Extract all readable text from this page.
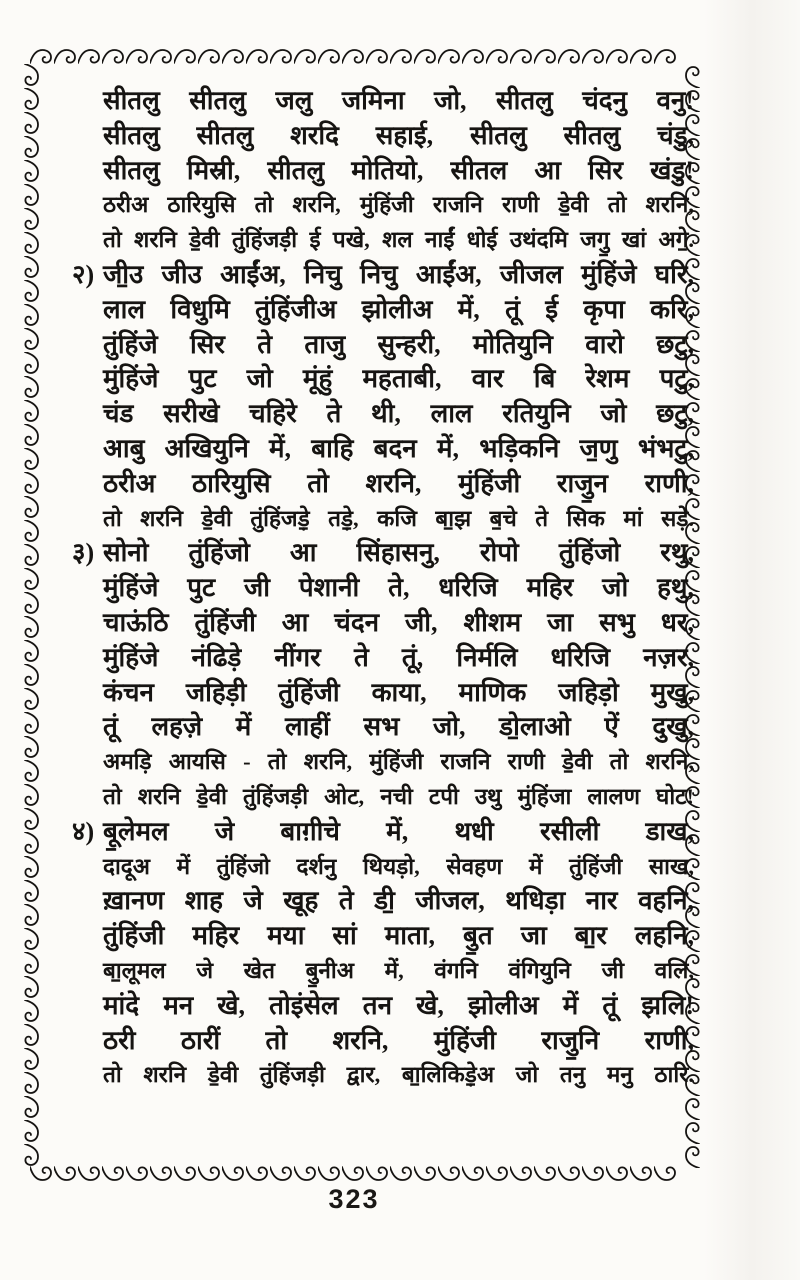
सीतलु सीतलु जलु जमिना जो, सीतलु चंदनु वनु!
सीतलु सीतलु शरदि सहाई, सीतलु सीतलु चंडु,
सीतलु मिस्री, सीतलु मोतियो, सीतल आ सिर खंडु!
ठरीअ ठारियुसि तो शरनि, मुंहिंजी राजनि राणी डे॒वी तो शरनि,
तो शरनि डे॒वी तुंहिंजड़ी ई पखे, शल नाईं धोई उथंदमि जगु॒ खां अगे॒.
२) जी॒उ जीउ आईंअ, निचु निचु आईंअ, जीजल मुंहिंजे घरि,
लाल विधुमि तुंहिंजीअ झोलीअ में, तूं ई कृपा करि,
तुंहिंजे सिर ते ताजु सुन्हरी, मोतियुनि वारो छटु,
मुंहिंजे पुट जो मूंहुं महताबी, वार बि रेशम पटु,
चंड सरीखे चहिरे ते थी, लाल रतियुनि जो छटु,
आबु अखियुनि में, बाहि बदन में, भड़िकनि ज॒णु भंभटु,
ठरीअ ठारियुसि तो शरनि, मुंहिंजी राजु॒न राणी,
तो शरनि डे॒वी तुंहिंजड़े॒ तड़े॒, कजि बा॒झ ब॒चे ते सिक मां सड़े.
३) सोनो तुंहिंजो आ सिंहासनु, रोपो तुंहिंजो रथु,
मुंहिंजे पुट जी पेशानी ते, धरिजि महिर जो हथु,
चाऊंठि तुंहिंजी आ चंदन जी, शीशम जा सभु धर,
मुंहिंजे नंढिड़े नींगर ते तूं, निर्मलि धरिजि नज़र,
कंचन जहिड़ी तुंहिंजी काया, माणिक जहिड़ो मुखु,
तूं लहज़े में लाहीं सभ जो, डो॒लाओ ऐं दुखु,
अमड़ि आयसि - तो शरनि, मुंहिंजी राजनि राणी डे॒वी तो शरनि,
तो शरनि डे॒वी तुंहिंजड़ी ओट, नची टपी उथु मुंहिंजा लालण घोट!
४) बू॒लेमल जे बाग़ीचे में, थधी रसीली डाख,
दादूअ में तुंहिंजो दर्शनु थियड़ो, सेवहण में तुंहिंजी साख,
ख़ानण शाह जे खूह ते डी॒ जीजल, थधिड़ा नार वहनि,
तुंहिंजी महिर मया सां माता, बु॒त जा बा॒र लहनि,
बा॒लूमल जे खेत बु॒नीअ में, वंगनि वंगियुनि जी वलि,
मांदे मन खे, तोइंसेल तन खे, झोलीअ में तूं झलि!
ठरी ठारीं तो शरनि, मुंहिंजी राजु॒नि राणी,
तो शरनि डे॒वी तुंहिंजड़ी द्वार, बा॒लिकिड़े॒अ जो तनु मनु ठारि.
323
